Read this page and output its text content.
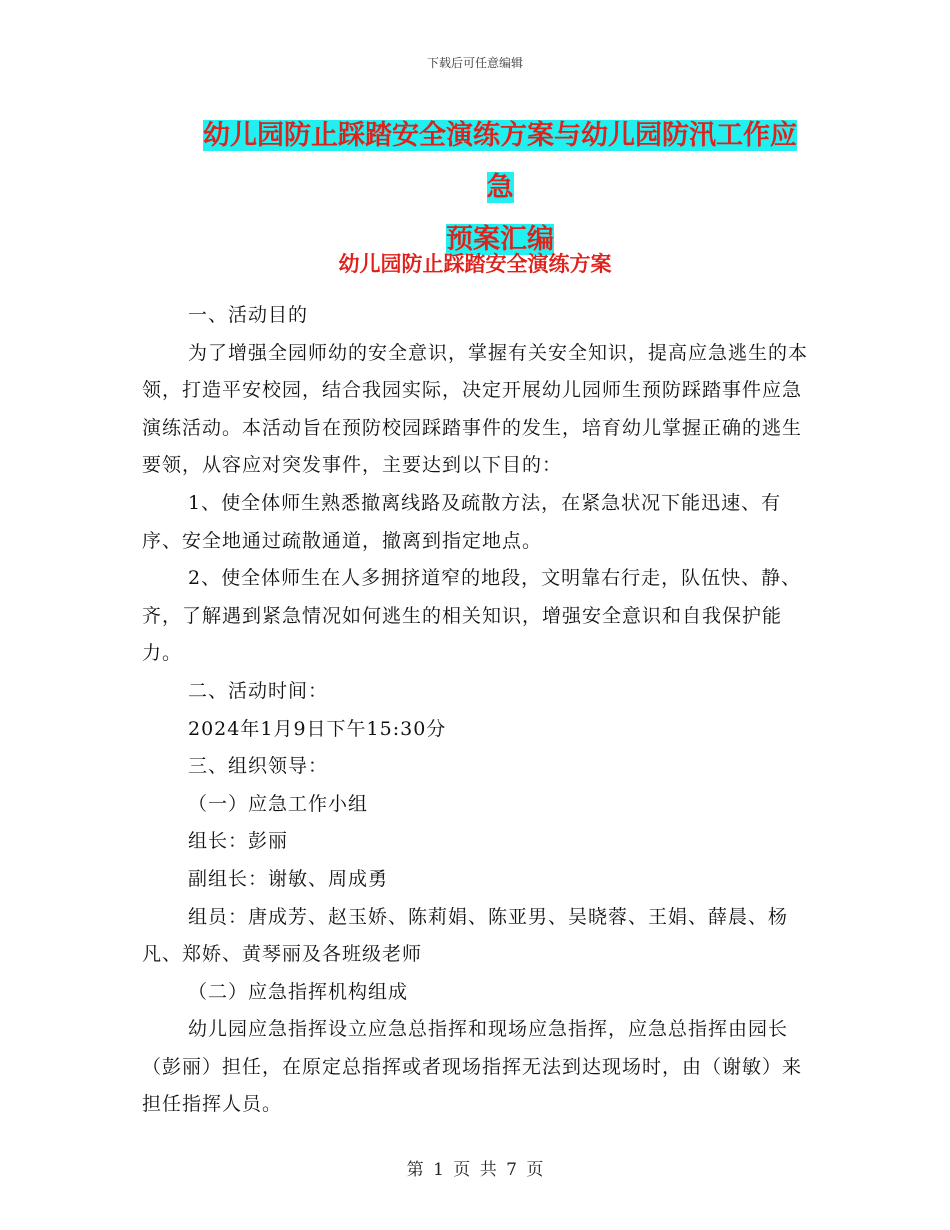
下载后可任意编辑
幼儿园防止踩踏安全演练方案与幼儿园防汛工作应急
预案汇编
幼儿园防止踩踏安全演练方案

一、活动目的

为了增强全园师幼的安全意识，掌握有关安全知识，提高应急逃生的本领，打造平安校园，结合我园实际，决定开展幼儿园师生预防踩踏事件应急演练活动。本活动旨在预防校园踩踏事件的发生，培育幼儿掌握正确的逃生要领，从容应对突发事件，主要达到以下目的：

1、使全体师生熟悉撤离线路及疏散方法，在紧急状况下能迅速、有序、安全地通过疏散通道，撤离到指定地点。

2、使全体师生在人多拥挤道窄的地段，文明靠右行走，队伍快、静、齐，了解遇到紧急情况如何逃生的相关知识，增强安全意识和自我保护能力。

二、活动时间：

2024年1月9日下午15:30分

三、组织领导：

（一）应急工作小组

组长：彭丽

副组长：谢敏、周成勇

组员：唐成芳、赵玉娇、陈莉娟、陈亚男、吴晓蓉、王娟、薛晨、杨凡、郑娇、黄琴丽及各班级老师

（二）应急指挥机构组成

幼儿园应急指挥设立应急总指挥和现场应急指挥，应急总指挥由园长（彭丽）担任，在原定总指挥或者现场指挥无法到达现场时，由（谢敏）来担任指挥人员。

第 1 页 共 7 页
